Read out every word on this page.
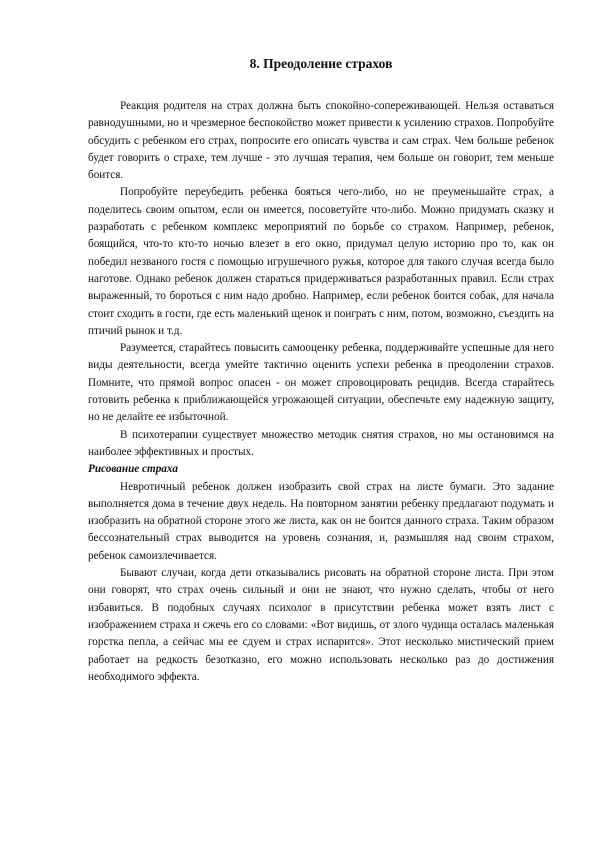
8. Преодоление страхов

Реакция родителя на страх должна быть спокойно-сопереживающей. Нельзя оставаться равнодушными, но и чрезмерное беспокойство может привести к усилению страхов. Попробуйте обсудить с ребенком его страх, попросите его описать чувства и сам страх. Чем больше ребенок будет говорить о страхе, тем лучше - это лучшая терапия, чем больше он говорит, тем меньше боится.

Попробуйте переубедить ребенка бояться чего-либо, но не преуменьшайте страх, а поделитесь своим опытом, если он имеется, посоветуйте что-либо. Можно придумать сказку и разработать с ребенком комплекс мероприятий по борьбе со страхом. Например, ребенок, боящийся, что-то кто-то ночью влезет в его окно, придумал целую историю про то, как он победил незваного гостя с помощью игрушечного ружья, которое для такого случая всегда было наготове. Однако ребенок должен стараться придерживаться разработанных правил. Если страх выраженный, то бороться с ним надо дробно. Например, если ребенок боится собак, для начала стоит сходить в гости, где есть маленький щенок и поиграть с ним, потом, возможно, съездить на птичий рынок и т.д.

Разумеется, старайтесь повысить самооценку ребенка, поддерживайте успешные для него виды деятельности, всегда умейте тактично оценить успехи ребенка в преодолении страхов. Помните, что прямой вопрос опасен - он может спровоцировать рецидив. Всегда старайтесь готовить ребенка к приближающейся угрожающей ситуации, обеспечьте ему надежную защиту, но не делайте ее избыточной.

В психотерапии существует множество методик снятия страхов, но мы остановимся на наиболее эффективных и простых.

Рисование страха

Невротичный ребенок должен изобразить свой страх на листе бумаги. Это задание выполняется дома в течение двух недель. На повторном занятии ребенку предлагают подумать и изобразить на обратной стороне этого же листа, как он не боится данного страха. Таким образом бессознательный страх выводится на уровень сознания, и, размышляя над своим страхом, ребенок самоизлечивается.

Бывают случаи, когда дети отказывались рисовать на обратной стороне листа. При этом они говорят, что страх очень сильный и они не знают, что нужно сделать, чтобы от него избавиться. В подобных случаях психолог в присутствии ребенка может взять лист с изображением страха и сжечь его со словами: «Вот видишь, от злого чудища осталась маленькая горстка пепла, а сейчас мы ее сдуем и страх испарится». Этот несколько мистический прием работает на редкость безотказно, его можно использовать несколько раз до достижения необходимого эффекта.
